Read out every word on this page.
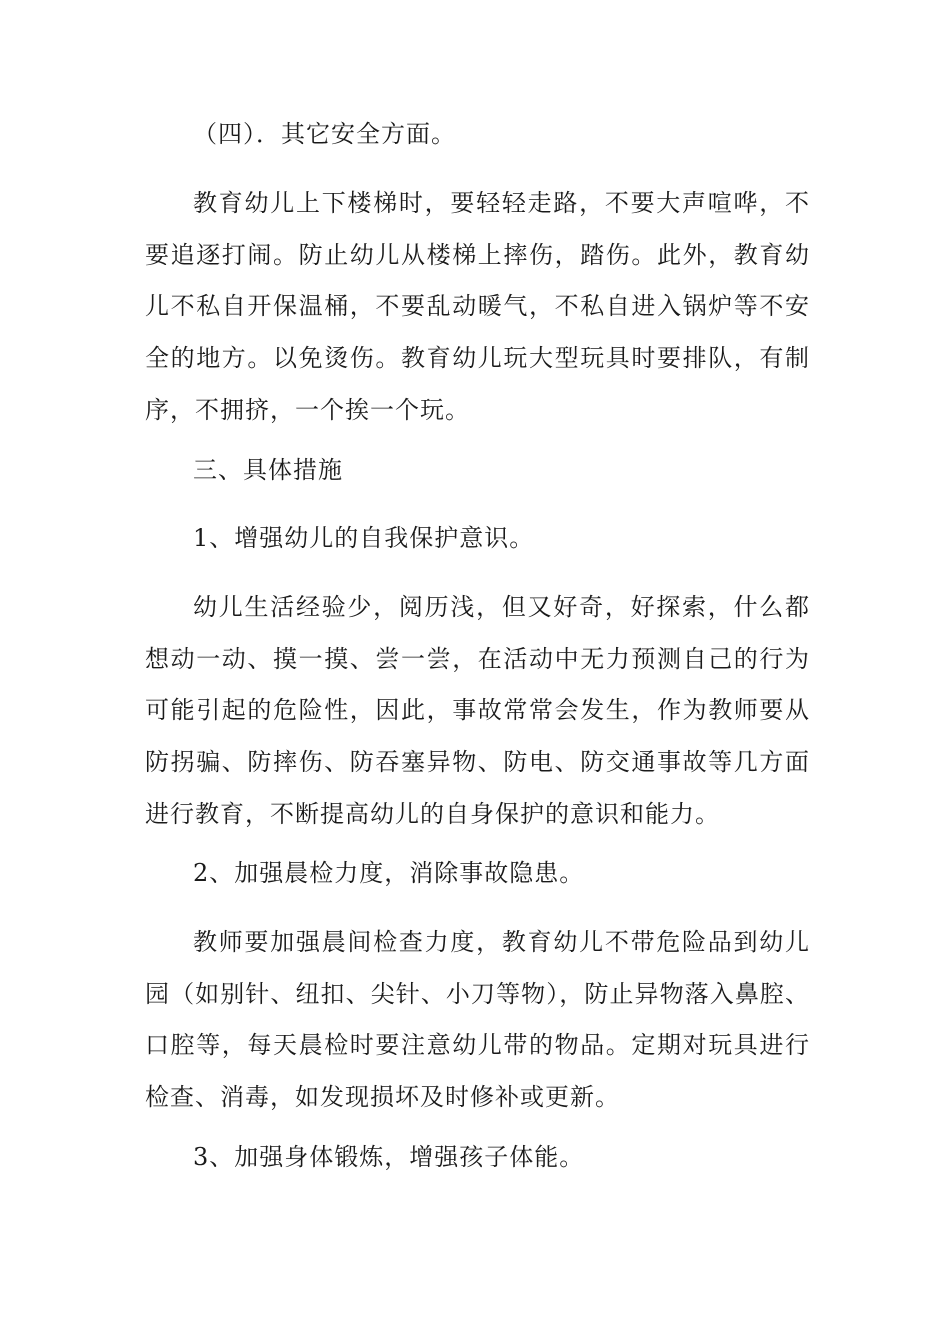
（四）．其它安全方面。

教育幼儿上下楼梯时，要轻轻走路，不要大声喧哗，不要追逐打闹。防止幼儿从楼梯上摔伤，踏伤。此外，教育幼儿不私自开保温桶，不要乱动暖气，不私自进入锅炉等不安全的地方。以免烫伤。教育幼儿玩大型玩具时要排队，有制序，不拥挤，一个挨一个玩。

三、具体措施

1、增强幼儿的自我保护意识。

幼儿生活经验少，阅历浅，但又好奇，好探索，什么都想动一动、摸一摸、尝一尝，在活动中无力预测自己的行为可能引起的危险性，因此，事故常常会发生，作为教师要从防拐骗、防摔伤、防吞塞异物、防电、防交通事故等几方面进行教育，不断提高幼儿的自身保护的意识和能力。

2、加强晨检力度，消除事故隐患。

教师要加强晨间检查力度，教育幼儿不带危险品到幼儿园（如别针、纽扣、尖针、小刀等物），防止异物落入鼻腔、口腔等，每天晨检时要注意幼儿带的物品。定期对玩具进行检查、消毒，如发现损坏及时修补或更新。

3、加强身体锻炼，增强孩子体能。
